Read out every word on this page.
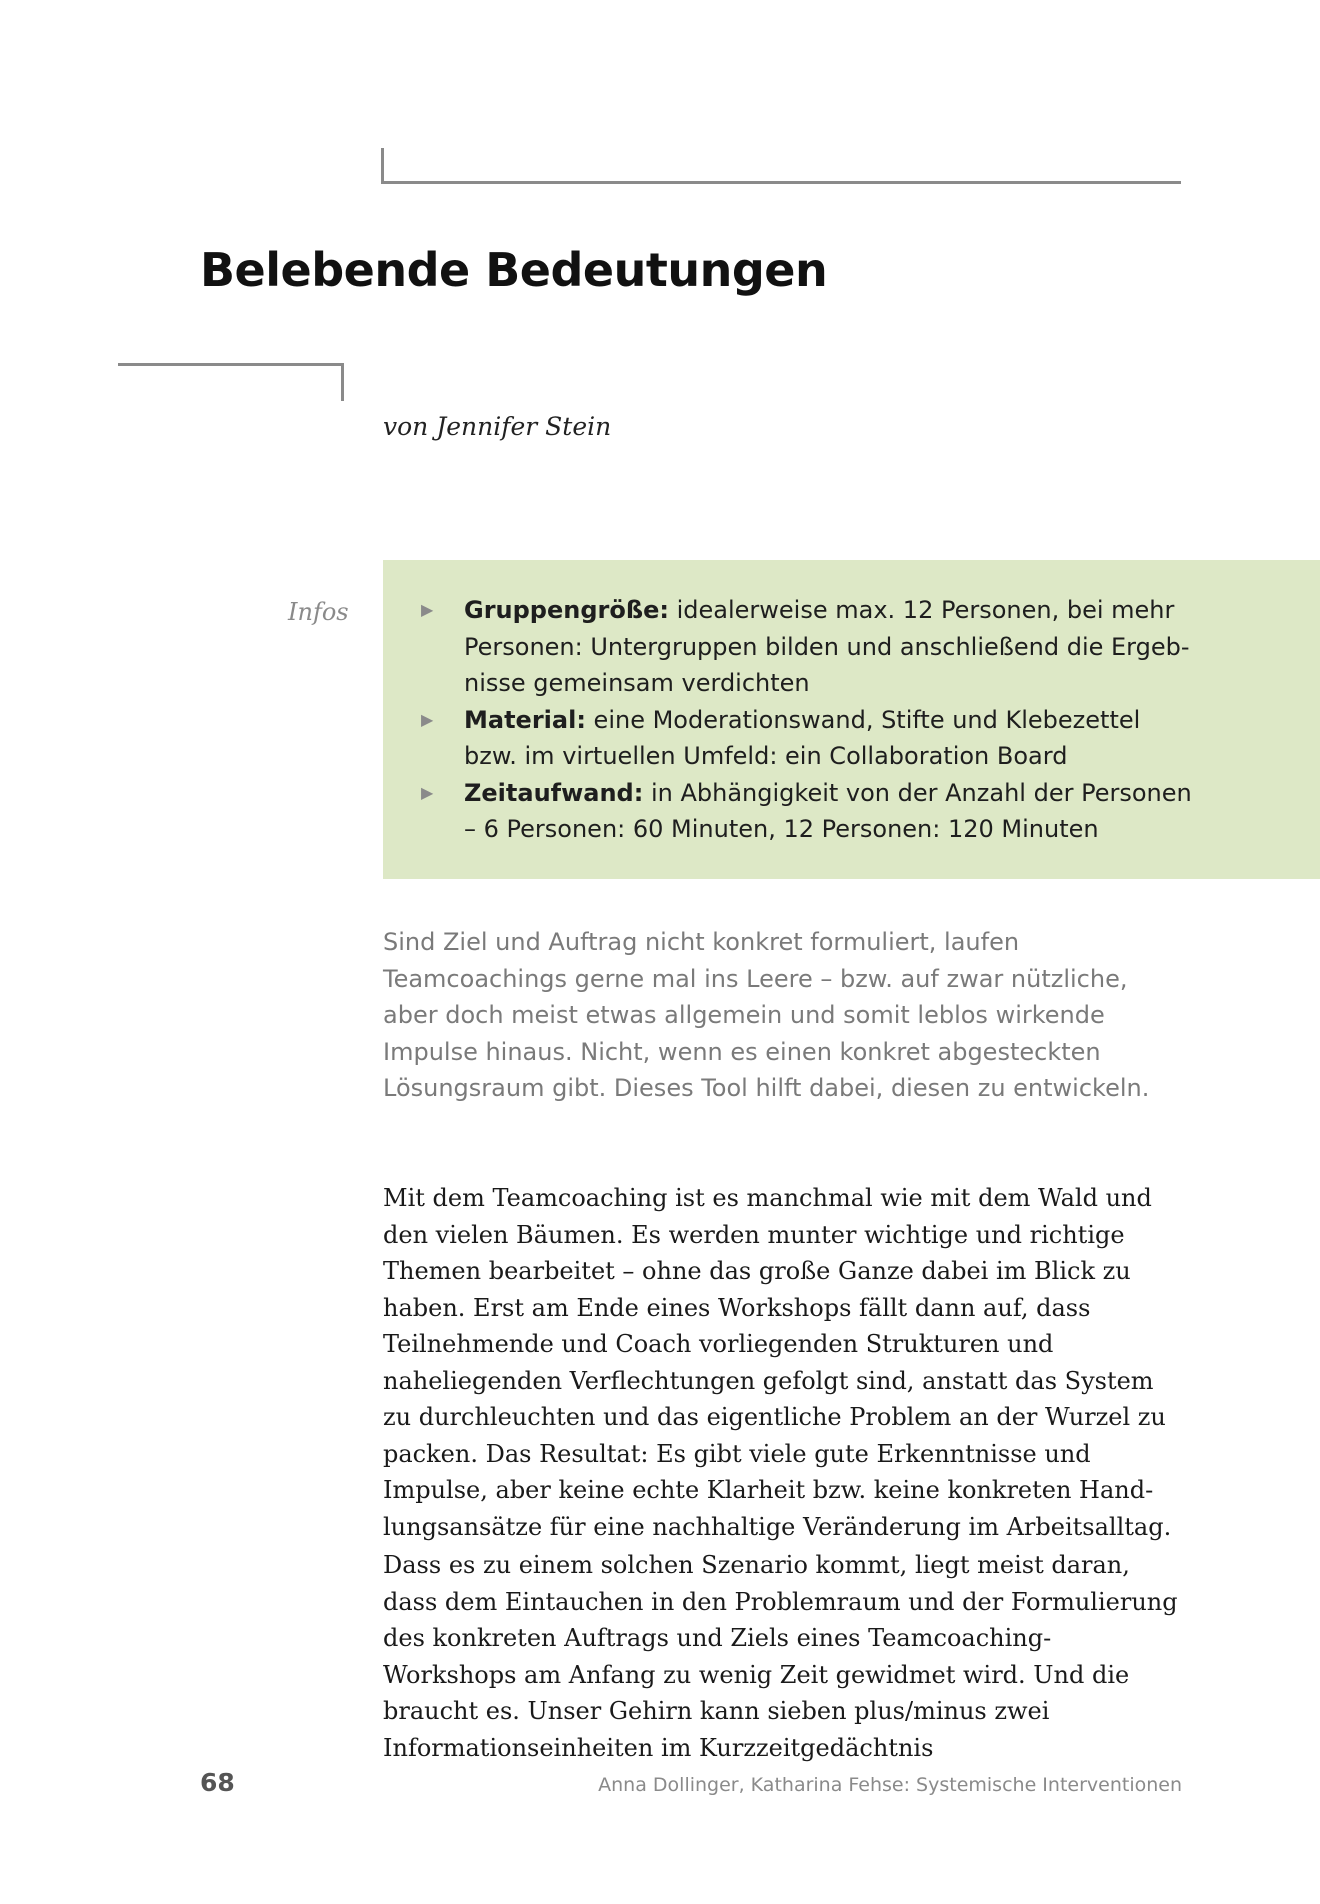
Belebende Bedeutungen
von Jennifer Stein
Infos	▶ Gruppengröße: idealerweise max. 12 Personen, bei mehr Personen: Untergruppen bilden und anschließend die Ergebnisse gemeinsam verdichten
▶ Material: eine Moderationswand, Stifte und Klebezettel bzw. im virtuellen Umfeld: ein Collaboration Board
▶ Zeitaufwand: in Abhängigkeit von der Anzahl der Personen – 6 Personen: 60 Minuten, 12 Personen: 120 Minuten

Sind Ziel und Auftrag nicht konkret formuliert, laufen Teamcoachings gerne mal ins Leere – bzw. auf zwar nützliche, aber doch meist etwas allgemein und somit leblos wirkende Impulse hinaus. Nicht, wenn es einen konkret abgesteckten Lösungsraum gibt. Dieses Tool hilft dabei, diesen zu entwickeln.

Mit dem Teamcoaching ist es manchmal wie mit dem Wald und den vielen Bäumen. Es werden munter wichtige und richtige Themen bearbeitet – ohne das große Ganze dabei im Blick zu haben. Erst am Ende eines Workshops fällt dann auf, dass Teilnehmende und Coach vorliegenden Strukturen und naheliegenden Verflechtungen gefolgt sind, anstatt das System zu durchleuchten und das eigentliche Problem an der Wurzel zu packen. Das Resultat: Es gibt viele gute Erkenntnisse und Impulse, aber keine echte Klarheit bzw. keine konkreten Handlungsansätze für eine nachhaltige Veränderung im Arbeitsalltag.

Dass es zu einem solchen Szenario kommt, liegt meist daran, dass dem Eintauchen in den Problemraum und der Formulierung des konkreten Auftrags und Ziels eines Teamcoaching- Workshops am Anfang zu wenig Zeit gewidmet wird. Und die braucht es. Unser Gehirn kann sieben plus/minus zwei Informationseinheiten im Kurzzeitgedächtnis

68	Anna Dollinger, Katharina Fehse: Systemische Interventionen
